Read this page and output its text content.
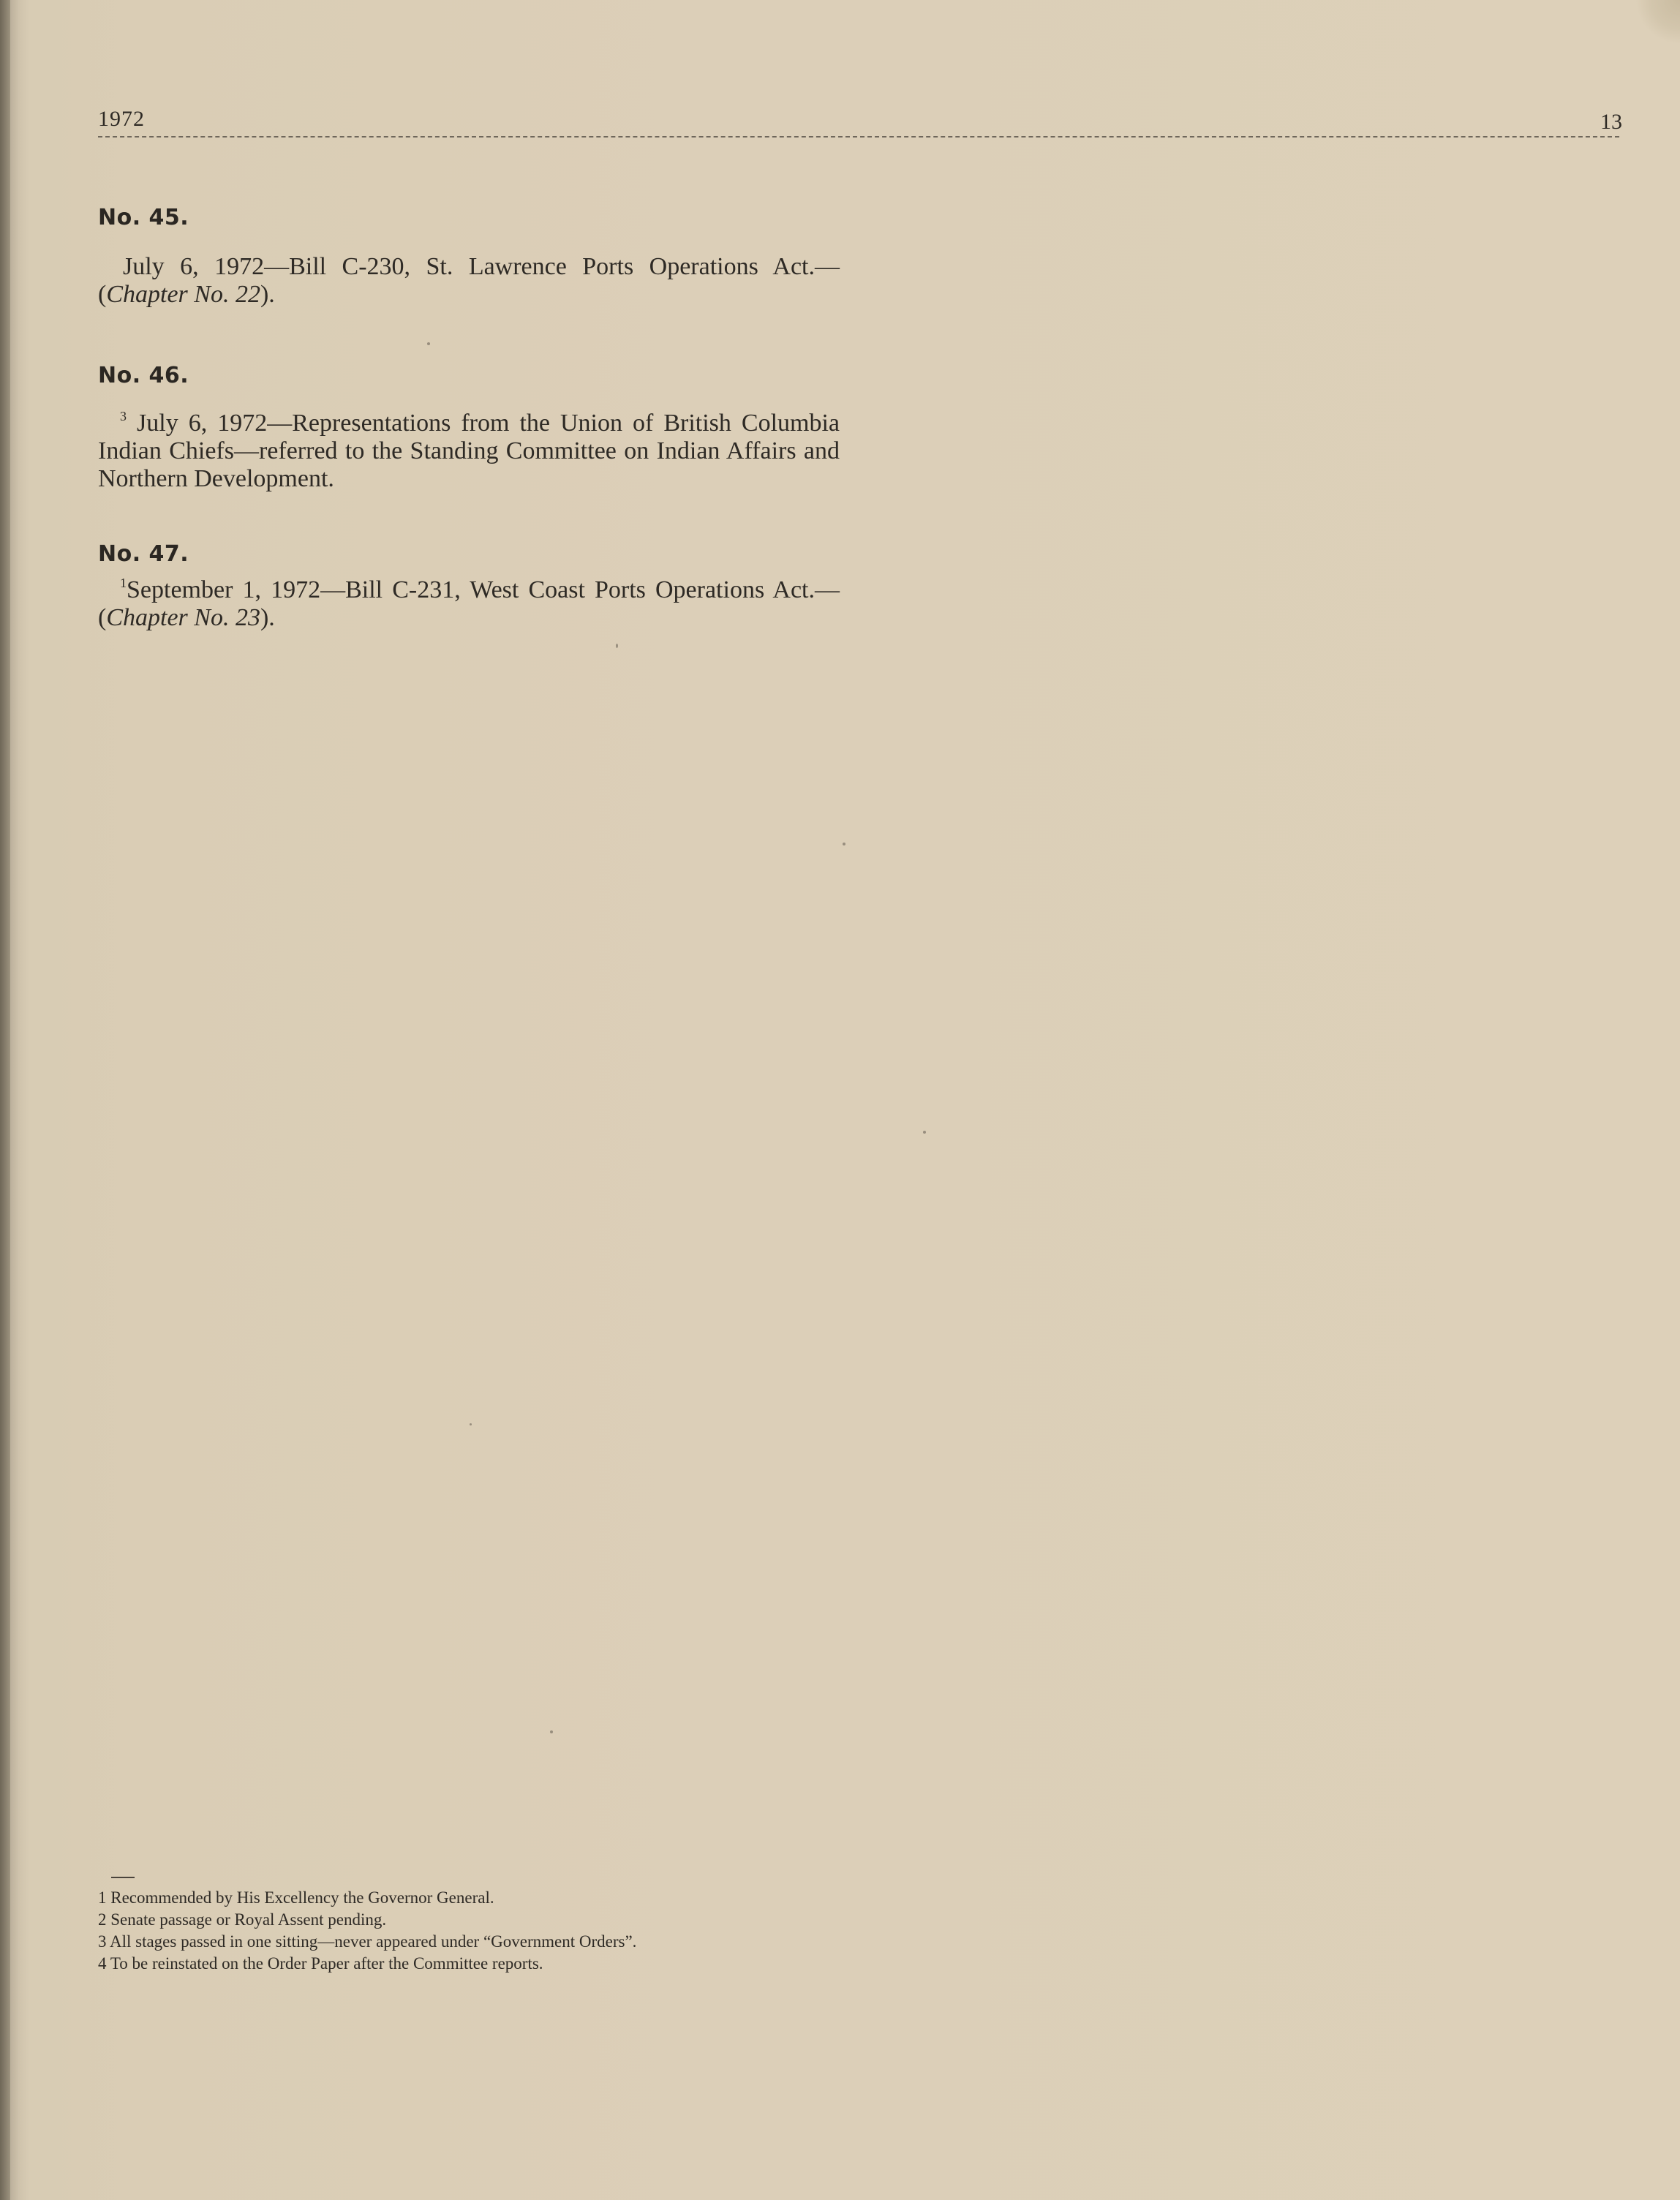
1972	13
No. 45.
July 6, 1972—Bill C-230, St. Lawrence Ports Operations Act.—(Chapter No. 22).
No. 46.
$^3$ July 6, 1972—Representations from the Union of British Columbia Indian Chiefs—referred to the Standing Committee on Indian Affairs and Northern Development.
No. 47.
$^1$September 1, 1972—Bill C-231, West Coast Ports Operations Act.—(Chapter No. 23).
1 Recommended by His Excellency the Governor General.
2 Senate passage or Royal Assent pending.
3 All stages passed in one sitting—never appeared under “Government Orders”.
4 To be reinstated on the Order Paper after the Committee reports.
